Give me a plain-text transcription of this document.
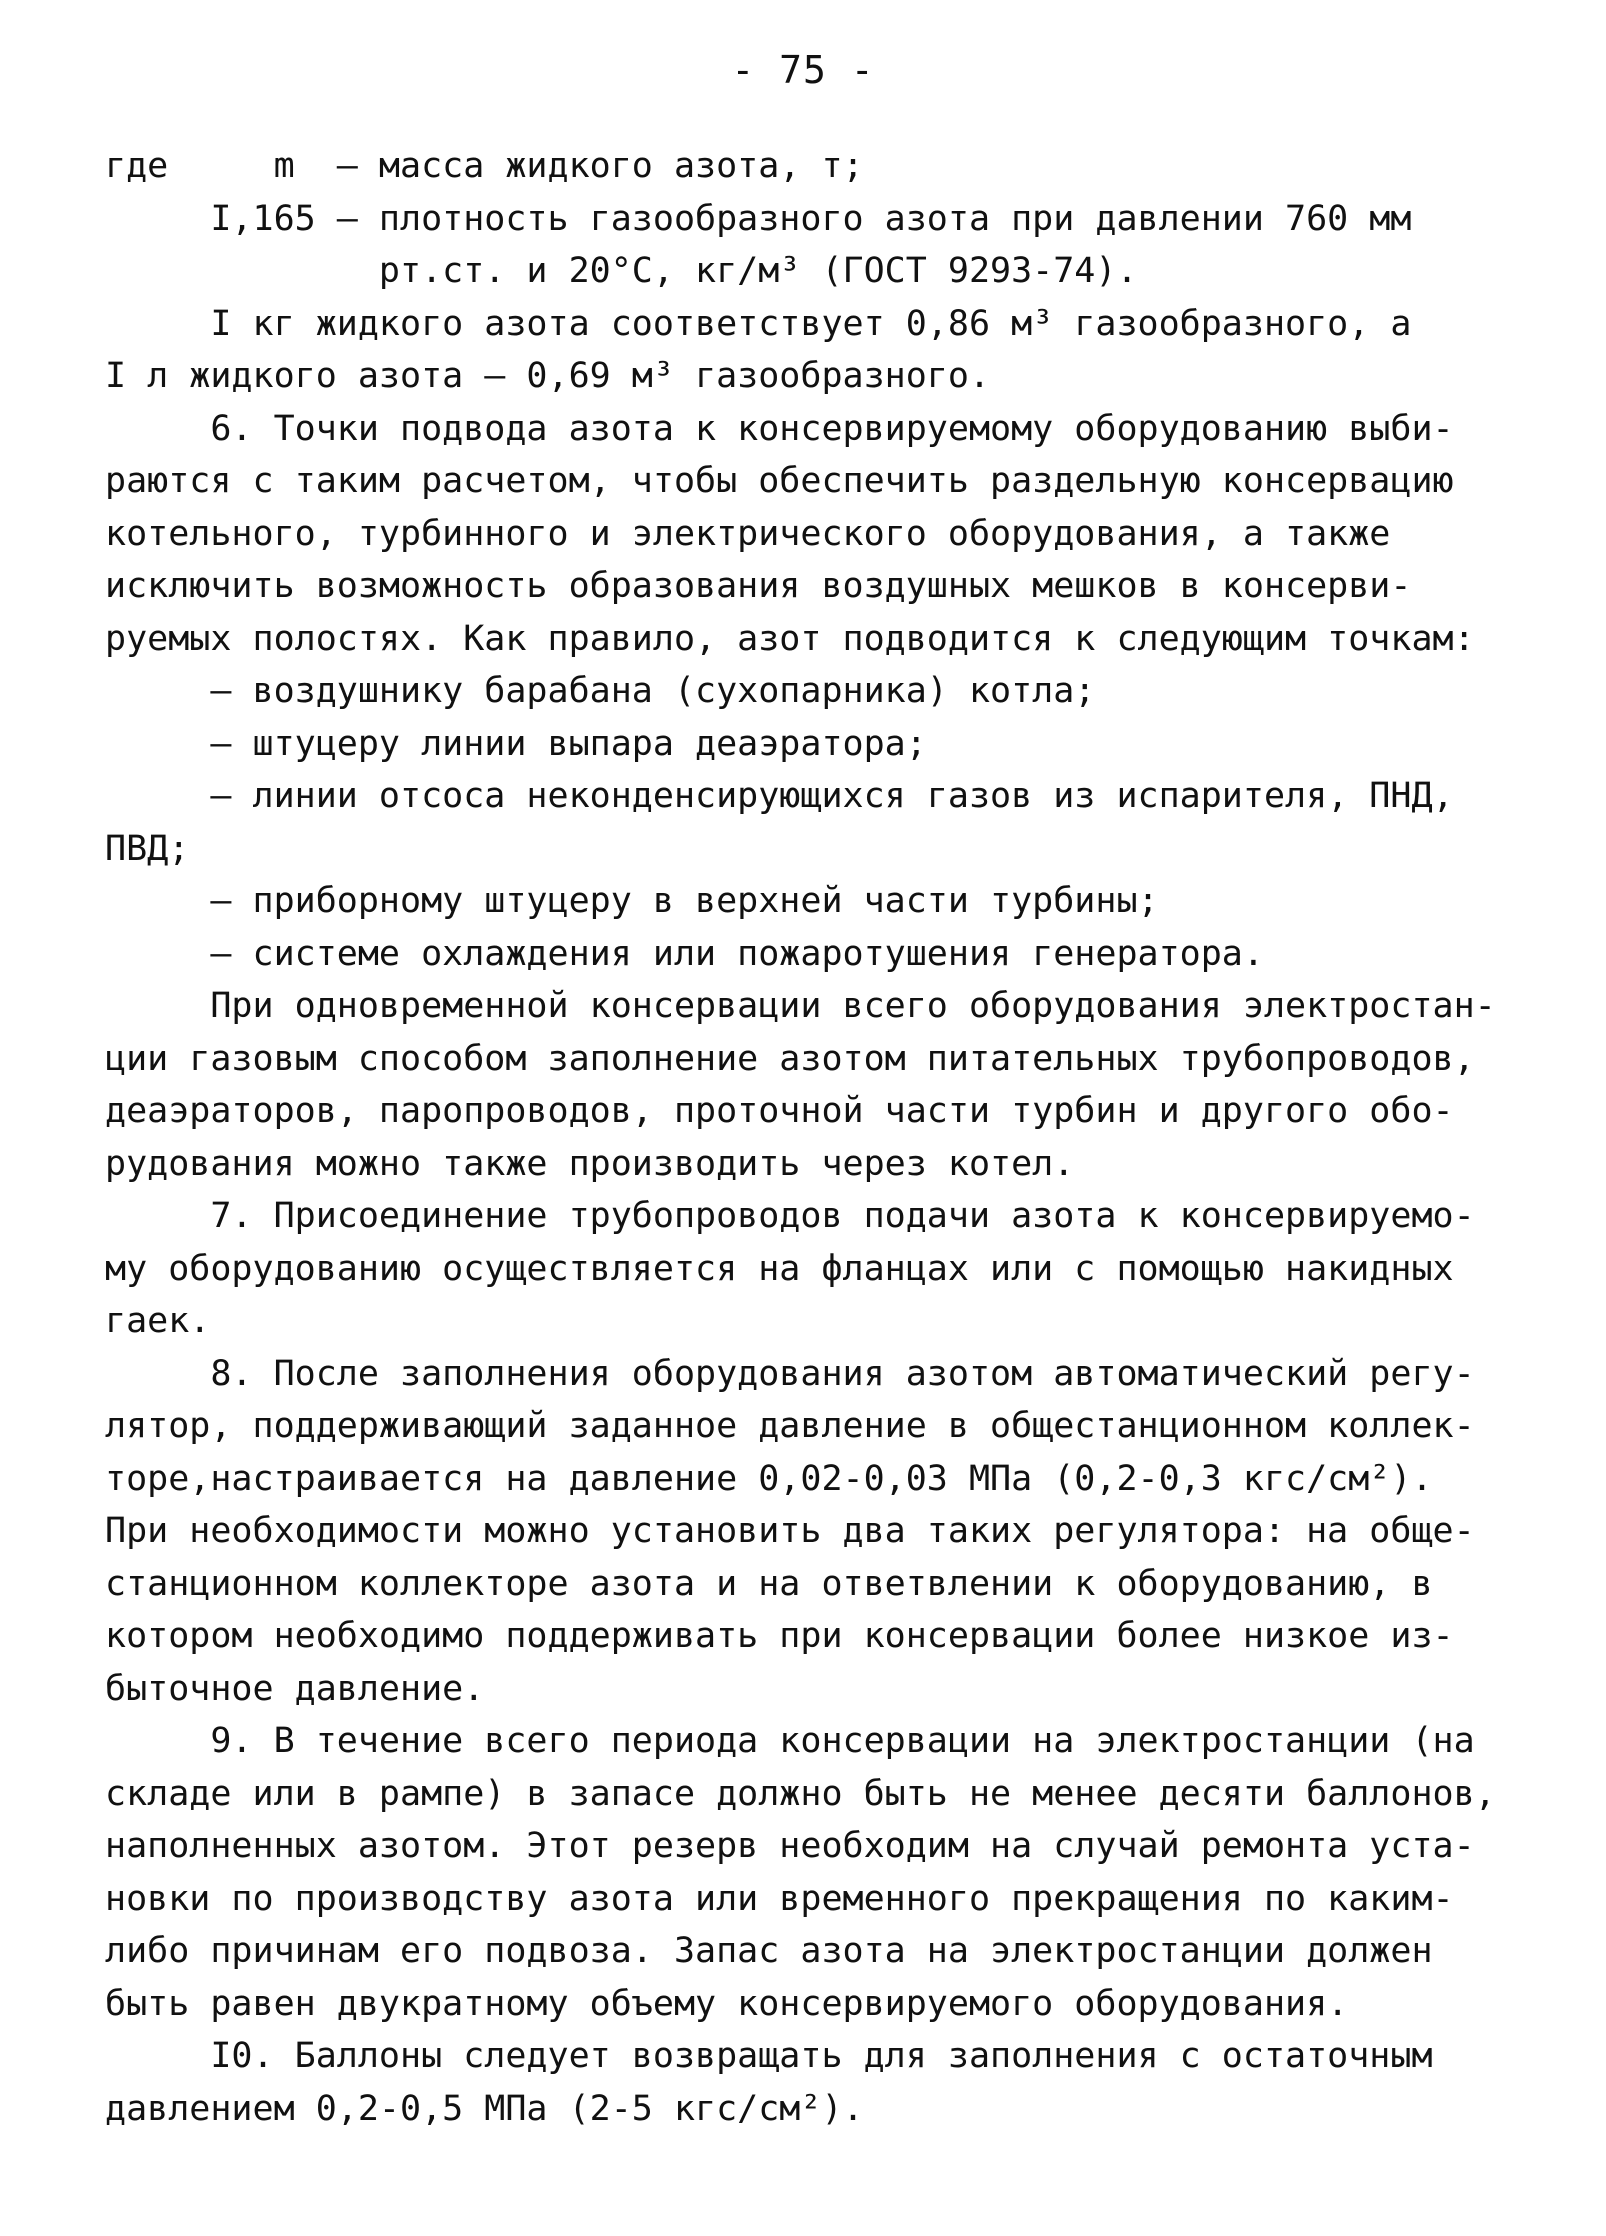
- 75 -
где     m  – масса жидкого азота, т;
I,165 – плотность газообразного азота при давлении 760 мм
рт.ст. и 20°С, кг/м³ (ГОСТ 9293-74).
I кг жидкого азота соответствует 0,86 м³ газообразного, а
I л жидкого азота – 0,69 м³ газообразного.
6. Точки подвода азота к консервируемому оборудованию выби-
раются с таким расчетом, чтобы обеспечить раздельную консервацию
котельного, турбинного и электрического оборудования, а также
исключить возможность образования воздушных мешков в консерви-
руемых полостях. Как правило, азот подводится к следующим точкам:
– воздушнику барабана (сухопарника) котла;
– штуцеру линии выпара деаэратора;
– линии отсоса неконденсирующихся газов из испарителя, ПНД,
ПВД;
– приборному штуцеру в верхней части турбины;
– системе охлаждения или пожаротушения генератора.
При одновременной консервации всего оборудования электростан-
ции газовым способом заполнение азотом питательных трубопроводов,
деаэраторов, паропроводов, проточной части турбин и другого обо-
рудования можно также производить через котел.
7. Присоединение трубопроводов подачи азота к консервируемо-
му оборудованию осуществляется на фланцах или с помощью накидных
гаек.
8. После заполнения оборудования азотом автоматический регу-
лятор, поддерживающий заданное давление в общестанционном коллек-
торе,настраивается на давление 0,02-0,03 МПа (0,2-0,3 кгс/см²).
При необходимости можно установить два таких регулятора: на обще-
станционном коллекторе азота и на ответвлении к оборудованию, в
котором необходимо поддерживать при консервации более низкое из-
быточное давление.
9. В течение всего периода консервации на электростанции (на
складе или в рампе) в запасе должно быть не менее десяти баллонов,
наполненных азотом. Этот резерв необходим на случай ремонта уста-
новки по производству азота или временного прекращения по каким-
либо причинам его подвоза. Запас азота на электростанции должен
быть равен двукратному объему консервируемого оборудования.
I0. Баллоны следует возвращать для заполнения с остаточным
давлением 0,2-0,5 МПа (2-5 кгс/см²).
